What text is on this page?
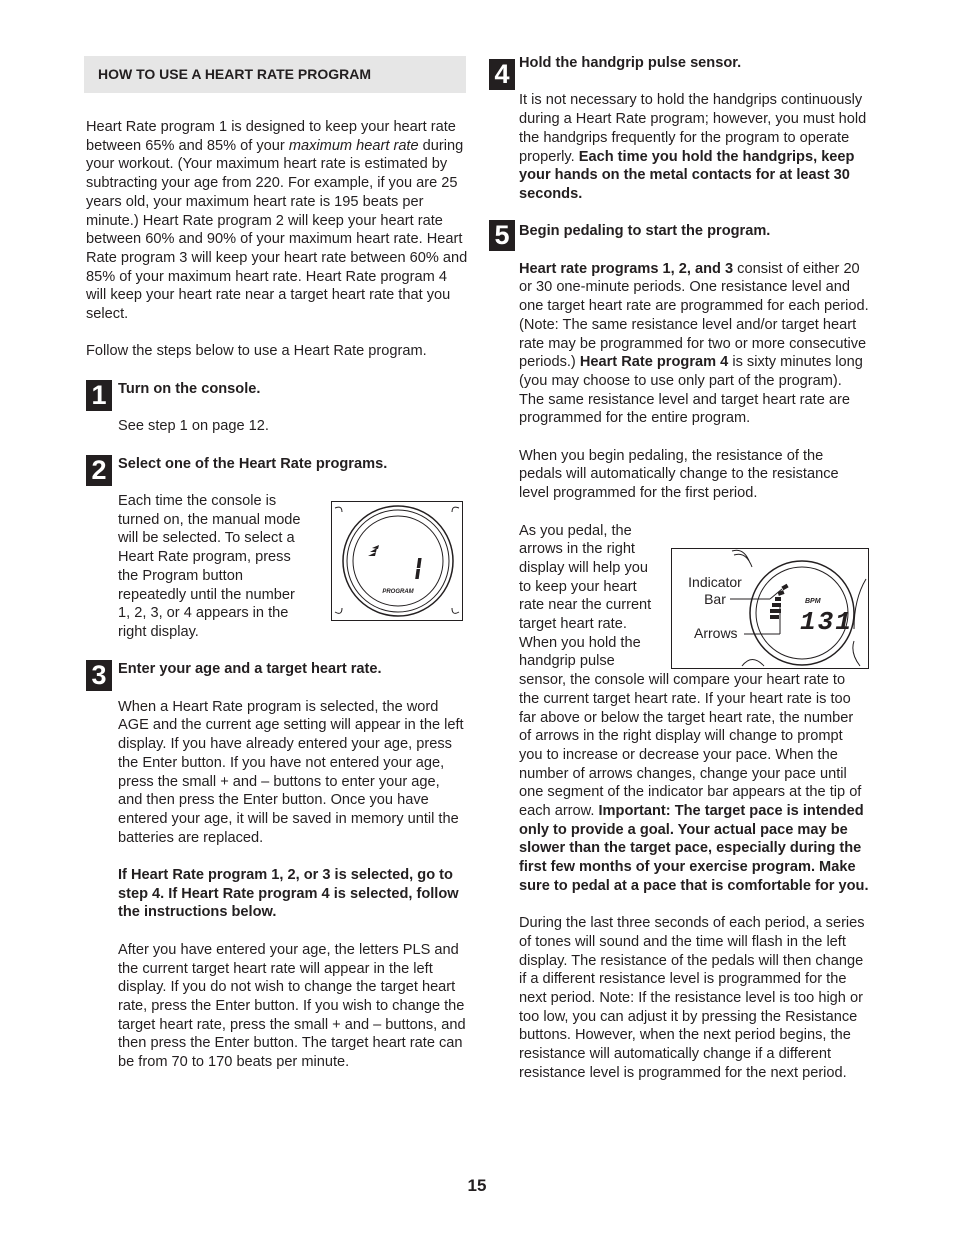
HOW TO USE A HEART RATE PROGRAM

Heart Rate program 1 is designed to keep your heart rate between 65% and 85% of your maximum heart rate during your workout. (Your maximum heart rate is estimated by subtracting your age from 220. For example, if you are 25 years old, your maximum heart rate is 195 beats per minute.) Heart Rate program 2 will keep your heart rate between 60% and 90% of your maximum heart rate. Heart Rate program 3 will keep your heart rate between 60% and 85% of your maximum heart rate. Heart Rate program 4 will keep your heart rate near a target heart rate that you select.

Follow the steps below to use a Heart Rate program.

1 Turn on the console.

See step 1 on page 12.

2 Select one of the Heart Rate programs.

Each time the console is turned on, the manual mode will be selected. To select a Heart Rate program, press the Program button repeatedly until the number 1, 2, 3, or 4 appears in the right display.

3 Enter your age and a target heart rate.

When a Heart Rate program is selected, the word AGE and the current age setting will appear in the left display. If you have already entered your age, press the Enter button. If you have not entered your age, press the small + and – buttons to enter your age, and then press the Enter button. Once you have entered your age, it will be saved in memory until the batteries are replaced.

If Heart Rate program 1, 2, or 3 is selected, go to step 4. If Heart Rate program 4 is selected, follow the instructions below.

After you have entered your age, the letters PLS and the current target heart rate will appear in the left display. If you do not wish to change the target heart rate, press the Enter button. If you wish to change the target heart rate, press the small + and – buttons, and then press the Enter button. The target heart rate can be from 70 to 170 beats per minute.

PROGRAM
4 Hold the handgrip pulse sensor.

It is not necessary to hold the handgrips continuously during a Heart Rate program; however, you must hold the handgrips frequently for the program to operate properly. Each time you hold the handgrips, keep your hands on the metal contacts for at least 30 seconds.

5 Begin pedaling to start the program.

Heart rate programs 1, 2, and 3 consist of either 20 or 30 one-minute periods. One resistance level and one target heart rate are programmed for each period. (Note: The same resistance level and/or target heart rate may be programmed for two or more consecutive periods.) Heart Rate program 4 is sixty minutes long (you may choose to use only part of the program). The same resistance level and target heart rate are programmed for the entire program.

When you begin pedaling, the resistance of the pedals will automatically change to the resistance level programmed for the first period.

As you pedal, the arrows in the right display will help you to keep your heart rate near the current target heart rate. When you hold the handgrip pulse sensor, the console will compare your heart rate to the current target heart rate. If your heart rate is too far above or below the target heart rate, the number of arrows in the right display will change to prompt you to increase or decrease your pace. When the number of arrows changes, change your pace until one segment of the indicator bar appears at the tip of each arrow. Important: The target pace is intended only to provide a goal. Your actual pace may be slower than the target pace, especially during the first few months of your exercise program. Make sure to pedal at a pace that is comfortable for you.

During the last three seconds of each period, a series of tones will sound and the time will flash in the left display. The resistance of the pedals will then change if a different resistance level is programmed for the next period. Note: If the resistance level is too high or too low, you can adjust it by pressing the Resistance buttons. However, when the next period begins, the resistance will automatically change if a different resistance level is programmed for the next period.

Indicator Bar
Arrows
BPM
131
15
